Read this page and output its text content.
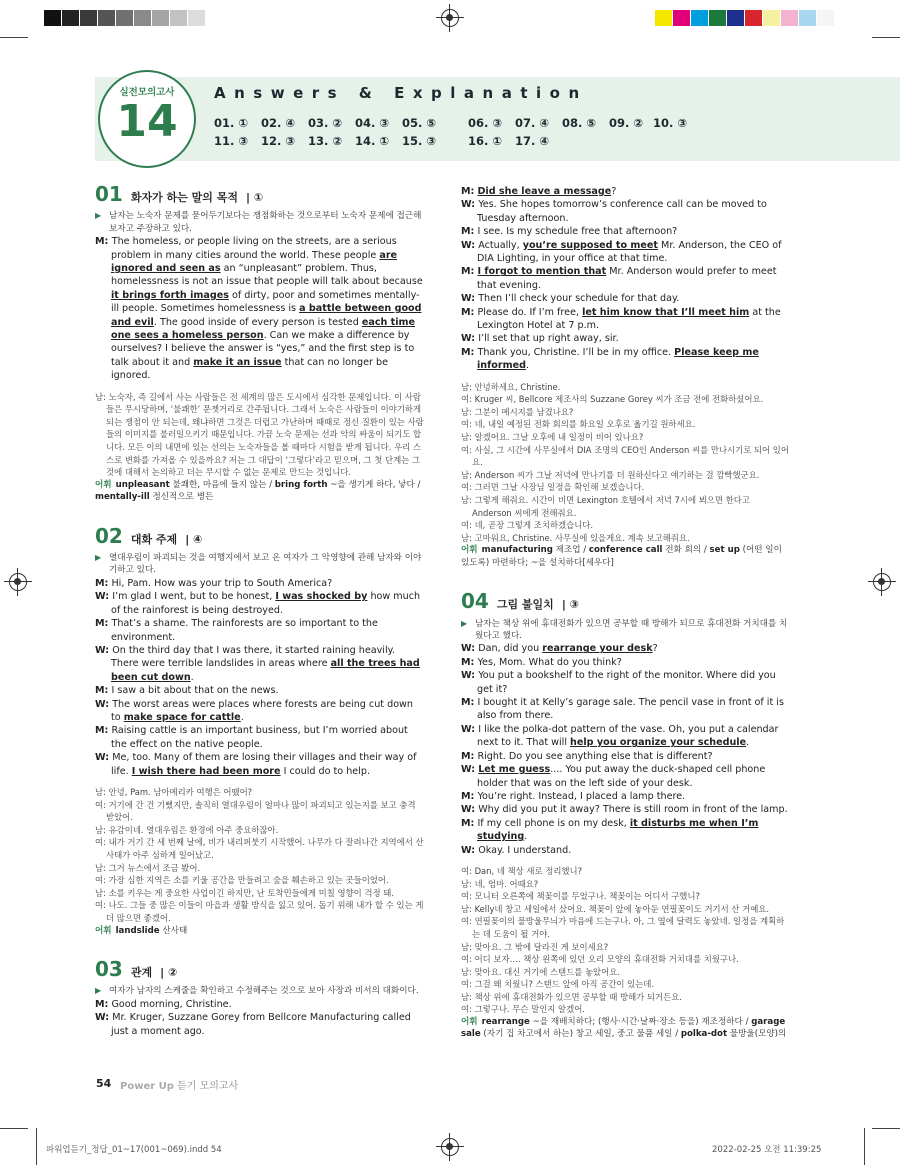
실전모의고사
14
Answers & Explanation
01. ① 02. ④ 03. ② 04. ③ 05. ⑤	06. ③ 07. ④ 08. ⑤ 09. ② 10. ③
11. ③ 12. ③ 13. ② 14. ① 15. ③	16. ① 17. ④
01 화자가 하는 말의 목적 | ①

▶ 남자는 노숙자 문제를 묻어두기보다는 쟁점화하는 것으로부터 노숙자 문제에 접근해 보자고 주장하고 있다.

M: The homeless, or people living on the streets, are a serious problem in many cities around the world. These people are ignored and seen as an “unpleasant” problem. Thus, homelessness is not an issue that people will talk about because it brings forth images of dirty, poor and sometimes mentally-ill people. Sometimes homelessness is a battle between good and evil. The good inside of every person is tested each time one sees a homeless person. Can we make a difference by ourselves? I believe the answer is “yes,” and the first step is to talk about it and make it an issue that can no longer be ignored.

남: 노숙자, 즉 길에서 사는 사람들은 전 세계의 많은 도시에서 심각한 문제입니다. 이 사람들은 무시당하며, ‘불쾌한’ 문젯거리로 간주됩니다. 그래서 노숙은 사람들이 이야기하게 되는 쟁점이 안 되는데, 왜냐하면 그것은 더럽고 가난하며 때때로 정신 질환이 있는 사람들의 이미지를 불러일으키기 때문입니다. 가끔 노숙 문제는 선과 악의 싸움이 되기도 합니다. 모든 이의 내면에 있는 선의는 노숙자들을 볼 때마다 시험을 받게 됩니다. 우리 스스로 변화를 가져올 수 있을까요? 저는 그 대답이 ‘그렇다’라고 믿으며, 그 첫 단계는 그것에 대해서 논의하고 더는 무시할 수 없는 문제로 만드는 것입니다.

어휘 unpleasant 불쾌한, 마음에 들지 않는 / bring forth ~을 생기게 하다, 낳다 / mentally-ill 정신적으로 병든

02 대화 주제 | ④

▶ 열대우림이 파괴되는 것을 여행지에서 보고 온 여자가 그 악영향에 관해 남자와 이야기하고 있다.

M: Hi, Pam. How was your trip to South America?

W: I’m glad I went, but to be honest, I was shocked by how much of the rainforest is being destroyed.

M: That’s a shame. The rainforests are so important to the environment.

W: On the third day that I was there, it started raining heavily. There were terrible landslides in areas where all the trees had been cut down.

M: I saw a bit about that on the news.

W: The worst areas were places where forests are being cut down to make space for cattle.

M: Raising cattle is an important business, but I’m worried about the effect on the native people.

W: Me, too. Many of them are losing their villages and their way of life. I wish there had been more I could do to help.

남: 안녕, Pam. 남아메리카 여행은 어땠어?

여: 거기에 간 건 기뻤지만, 솔직히 열대우림이 얼마나 많이 파괴되고 있는지를 보고 충격 받았어.

남: 유감이네. 열대우림은 환경에 아주 중요하잖아.

여: 내가 거기 간 세 번째 날에, 비가 내리퍼붓기 시작했어. 나무가 다 잘려나간 지역에서 산사태가 아주 심하게 일어났고.

남: 그거 뉴스에서 조금 봤어.

여: 가장 심한 지역은 소를 키울 공간을 만들려고 숲을 훼손하고 있는 곳들이었어.

남: 소를 키우는 게 중요한 사업이긴 하지만, 난 토착민들에게 미칠 영향이 걱정 돼.

여: 나도. 그들 중 많은 이들이 마을과 생활 방식을 잃고 있어. 돕기 위해 내가 할 수 있는 게 더 많으면 좋겠어.

어휘 landslide 산사태

03 관계 | ②

▶ 여자가 남자의 스케줄을 확인하고 수정해주는 것으로 보아 사장과 비서의 대화이다.

M: Good morning, Christine.

W: Mr. Kruger, Suzzane Gorey from Bellcore Manufacturing called just a moment ago.

M: Did she leave a message?

W: Yes. She hopes tomorrow’s conference call can be moved to Tuesday afternoon.

M: I see. Is my schedule free that afternoon?

W: Actually, you’re supposed to meet Mr. Anderson, the CEO of DIA Lighting, in your office at that time.

M: I forgot to mention that Mr. Anderson would prefer to meet that evening.

W: Then I’ll check your schedule for that day.

M: Please do. If I’m free, let him know that I’ll meet him at the Lexington Hotel at 7 p.m.

W: I’ll set that up right away, sir.

M: Thank you, Christine. I’ll be in my office. Please keep me informed.

남: 안녕하세요, Christine.

여: Kruger 씨, Bellcore 제조사의 Suzzane Gorey 씨가 조금 전에 전화하셨어요.

남: 그분이 메시지를 남겼나요?

여: 네, 내일 예정된 전화 회의를 화요일 오후로 옮기길 원하세요.

남: 알겠어요. 그날 오후에 내 일정이 비어 있나요?

여: 사실, 그 시간에 사무실에서 DIA 조명의 CEO인 Anderson 씨를 만나시기로 되어 있어요.

남: Anderson 씨가 그날 저녁에 만나기를 더 원하신다고 얘기하는 걸 깜빡했군요.

여: 그러면 그날 사장님 일정을 확인해 보겠습니다.

남: 그렇게 해줘요. 시간이 비면 Lexington 호텔에서 저녁 7시에 뵈으면 한다고 Anderson 씨에게 전해줘요.

여: 네, 곧장 그렇게 조치하겠습니다.

남: 고마워요, Christine. 사무실에 있을게요. 계속 보고해줘요.

어휘 manufacturing 제조업 / conference call 전화 회의 / set up (어떤 일이 있도록) 마련하다; ~을 설치하다[세우다]

04 그림 불일치 | ③

▶ 남자는 책상 위에 휴대전화가 있으면 공부할 때 방해가 되므로 휴대전화 거치대를 치웠다고 했다.

W: Dan, did you rearrange your desk?

M: Yes, Mom. What do you think?

W: You put a bookshelf to the right of the monitor. Where did you get it?

M: I bought it at Kelly’s garage sale. The pencil vase in front of it is also from there.

W: I like the polka-dot pattern of the vase. Oh, you put a calendar next to it. That will help you organize your schedule.

M: Right. Do you see anything else that is different?

W: Let me guess.... You put away the duck-shaped cell phone holder that was on the left side of your desk.

M: You’re right. Instead, I placed a lamp there.

W: Why did you put it away? There is still room in front of the lamp.

M: If my cell phone is on my desk, it disturbs me when I’m studying.

W: Okay. I understand.

여: Dan, 네 책상 새로 정리했니?

남: 네, 엄마. 어때요?

여: 모니터 오른쪽에 책꽂이를 두었구나. 책꽂이는 어디서 구했니?

남: Kelly네 창고 세일에서 샀어요. 책꽂이 앞에 놓아둔 연필꽂이도 거기서 산 거예요.

여: 연필꽂이의 물방울무늬가 마음에 드는구나. 아, 그 옆에 달력도 놓았네. 일정을 계획하는 데 도움이 될 거야.

남: 맞아요. 그 밖에 달라진 게 보이세요?

여: 어디 보자…. 책상 왼쪽에 있던 오리 모양의 휴대전화 거치대를 치웠구나.

남: 맞아요. 대신 거기에 스탠드를 놓았어요.

여: 그걸 왜 치웠니? 스탠드 앞에 아직 공간이 있는데.

남: 책상 위에 휴대전화가 있으면 공부할 때 방해가 되거든요.

여: 그렇구나. 무슨 말인지 알겠어.

어휘 rearrange ~을 재배치하다; (행사·시간·날짜·장소 등을) 재조정하다 / garage sale (자기 집 차고에서 하는) 창고 세일, 중고 물품 세일 / polka-dot 물방울(모양)의

54 Power Up 듣기 모의고사
파워업듣기_정답_01~17(001~069).indd 54	2022-02-25 오전 11:39:25
